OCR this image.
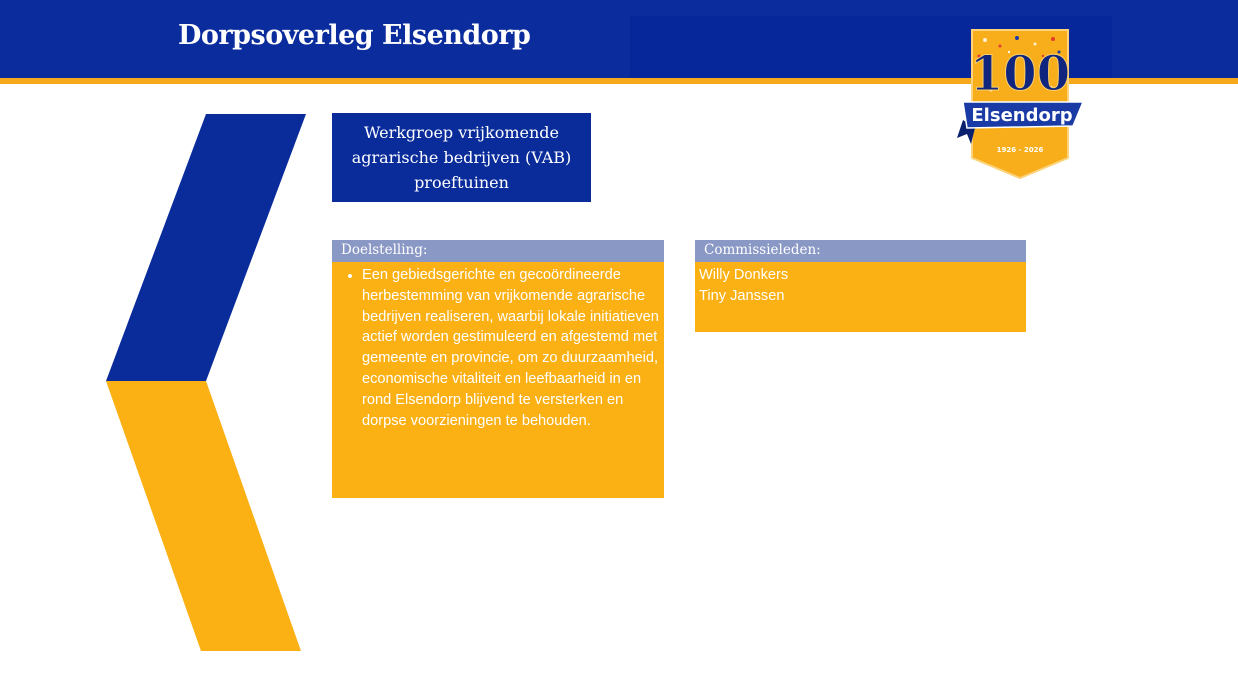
Dorpsoverleg Elsendorp
Werkgroep vrijkomende
agrarische bedrijven (VAB)
proeftuinen
Doelstelling:
• Een gebiedsgerichte en gecoördineerde herbestemming van vrijkomende agrarische bedrijven realiseren, waarbij lokale initiatieven actief worden gestimuleerd en afgestemd met gemeente en provincie, om zo duurzaamheid, economische vitaliteit en leefbaarheid in en rond Elsendorp blijvend te versterken en dorpse voorzieningen te behouden.
Commissieleden:
Willy Donkers
Tiny Janssen
100
Elsendorp
1926 - 2026
